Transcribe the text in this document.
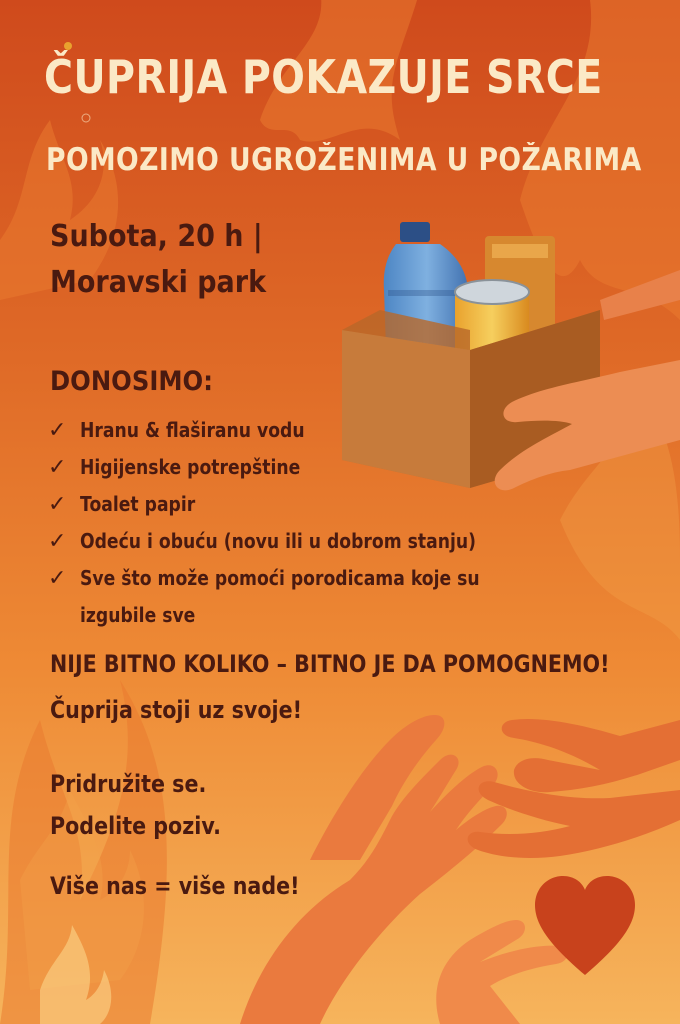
ČUPRIJA POKAZUJE SRCE
POMOZIMO UGROŽENIMA U POŽARIMA
Subota, 20 h |
Moravski park
DONOSIMO:
✓ Hranu & flaširanu vodu
✓ Higijenske potrepštine
✓ Toalet papir
✓ Odeću i obuću (novu ili u dobrom stanju)
✓ Sve što može pomoći porodicama koje su
izgubile sve
NIJE BITNO KOLIKO – BITNO JE DA POMOGNEMO!
Čuprija stoji uz svoje!
Pridružite se.
Podelite poziv.
Više nas = više nade!
